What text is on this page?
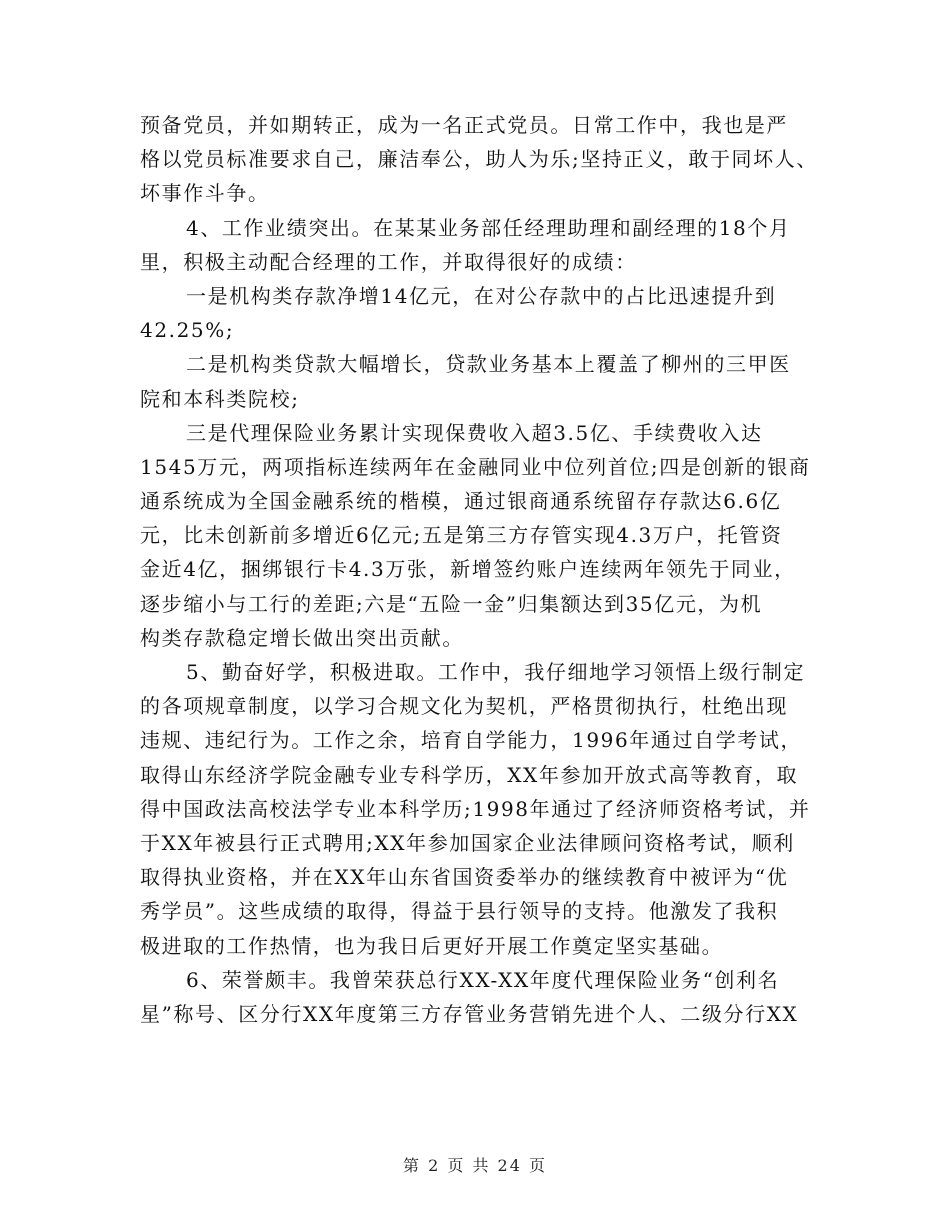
预备党员，并如期转正，成为一名正式党员。日常工作中，我也是严
格以党员标准要求自己，廉洁奉公，助人为乐;坚持正义，敢于同坏人、
坏事作斗争。
4、工作业绩突出。在某某业务部任经理助理和副经理的18个月
里，积极主动配合经理的工作，并取得很好的成绩：
一是机构类存款净增14亿元，在对公存款中的占比迅速提升到
42.25%;
二是机构类贷款大幅增长，贷款业务基本上覆盖了柳州的三甲医
院和本科类院校;
三是代理保险业务累计实现保费收入超3.5亿、手续费收入达
1545万元，两项指标连续两年在金融同业中位列首位;四是创新的银商
通系统成为全国金融系统的楷模，通过银商通系统留存存款达6.6亿
元，比未创新前多增近6亿元;五是第三方存管实现4.3万户，托管资
金近4亿，捆绑银行卡4.3万张，新增签约账户连续两年领先于同业，
逐步缩小与工行的差距;六是“五险一金”归集额达到35亿元，为机
构类存款稳定增长做出突出贡献。
5、勤奋好学，积极进取。工作中，我仔细地学习领悟上级行制定
的各项规章制度，以学习合规文化为契机，严格贯彻执行，杜绝出现
违规、违纪行为。工作之余，培育自学能力，1996年通过自学考试，
取得山东经济学院金融专业专科学历，XX年参加开放式高等教育，取
得中国政法高校法学专业本科学历;1998年通过了经济师资格考试，并
于XX年被县行正式聘用;XX年参加国家企业法律顾问资格考试，顺利
取得执业资格，并在XX年山东省国资委举办的继续教育中被评为“优
秀学员”。这些成绩的取得，得益于县行领导的支持。他激发了我积
极进取的工作热情，也为我日后更好开展工作奠定坚实基础。
6、荣誉颇丰。我曾荣获总行XX-XX年度代理保险业务“创利名
星”称号、区分行XX年度第三方存管业务营销先进个人、二级分行XX
第 2 页 共 24 页
